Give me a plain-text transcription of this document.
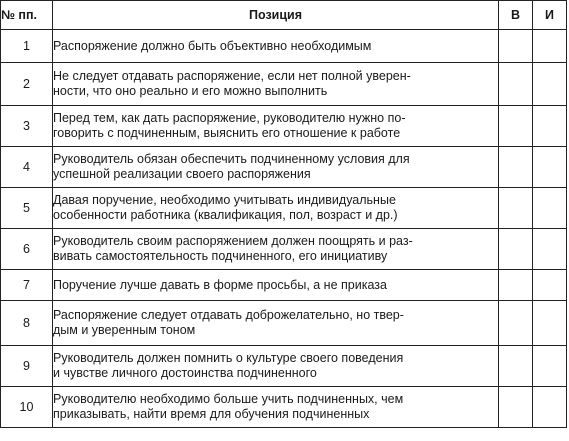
№ пп.	Позиция	В	И
1	Распоряжение должно быть объективно необходимым		

2	Не следует отдавать распоряжение, если нет полной уверен-
ности, что оно реально и его можно выполнить		

3	Перед тем, как дать распоряжение, руководителю нужно по-
говорить с подчиненным, выяснить его отношение к работе		

4	Руководитель обязан обеспечить подчиненному условия для
успешной реализации своего распоряжения		

5	Давая поручение, необходимо учитывать индивидуальные
особенности работника (квалификация, пол, возраст и др.)		

6	Руководитель своим распоряжением должен поощрять и раз-
вивать самостоятельность подчиненного, его инициативу		

7	Поручение лучше давать в форме просьбы, а не приказа		

8	Распоряжение следует отдавать доброжелательно, но твер-
дым и уверенным тоном		

9	Руководитель должен помнить о культуре своего поведения
и чувстве личного достоинства подчиненного		

10	Руководителю необходимо больше учить подчиненных, чем
приказывать, найти время для обучения подчиненных		
